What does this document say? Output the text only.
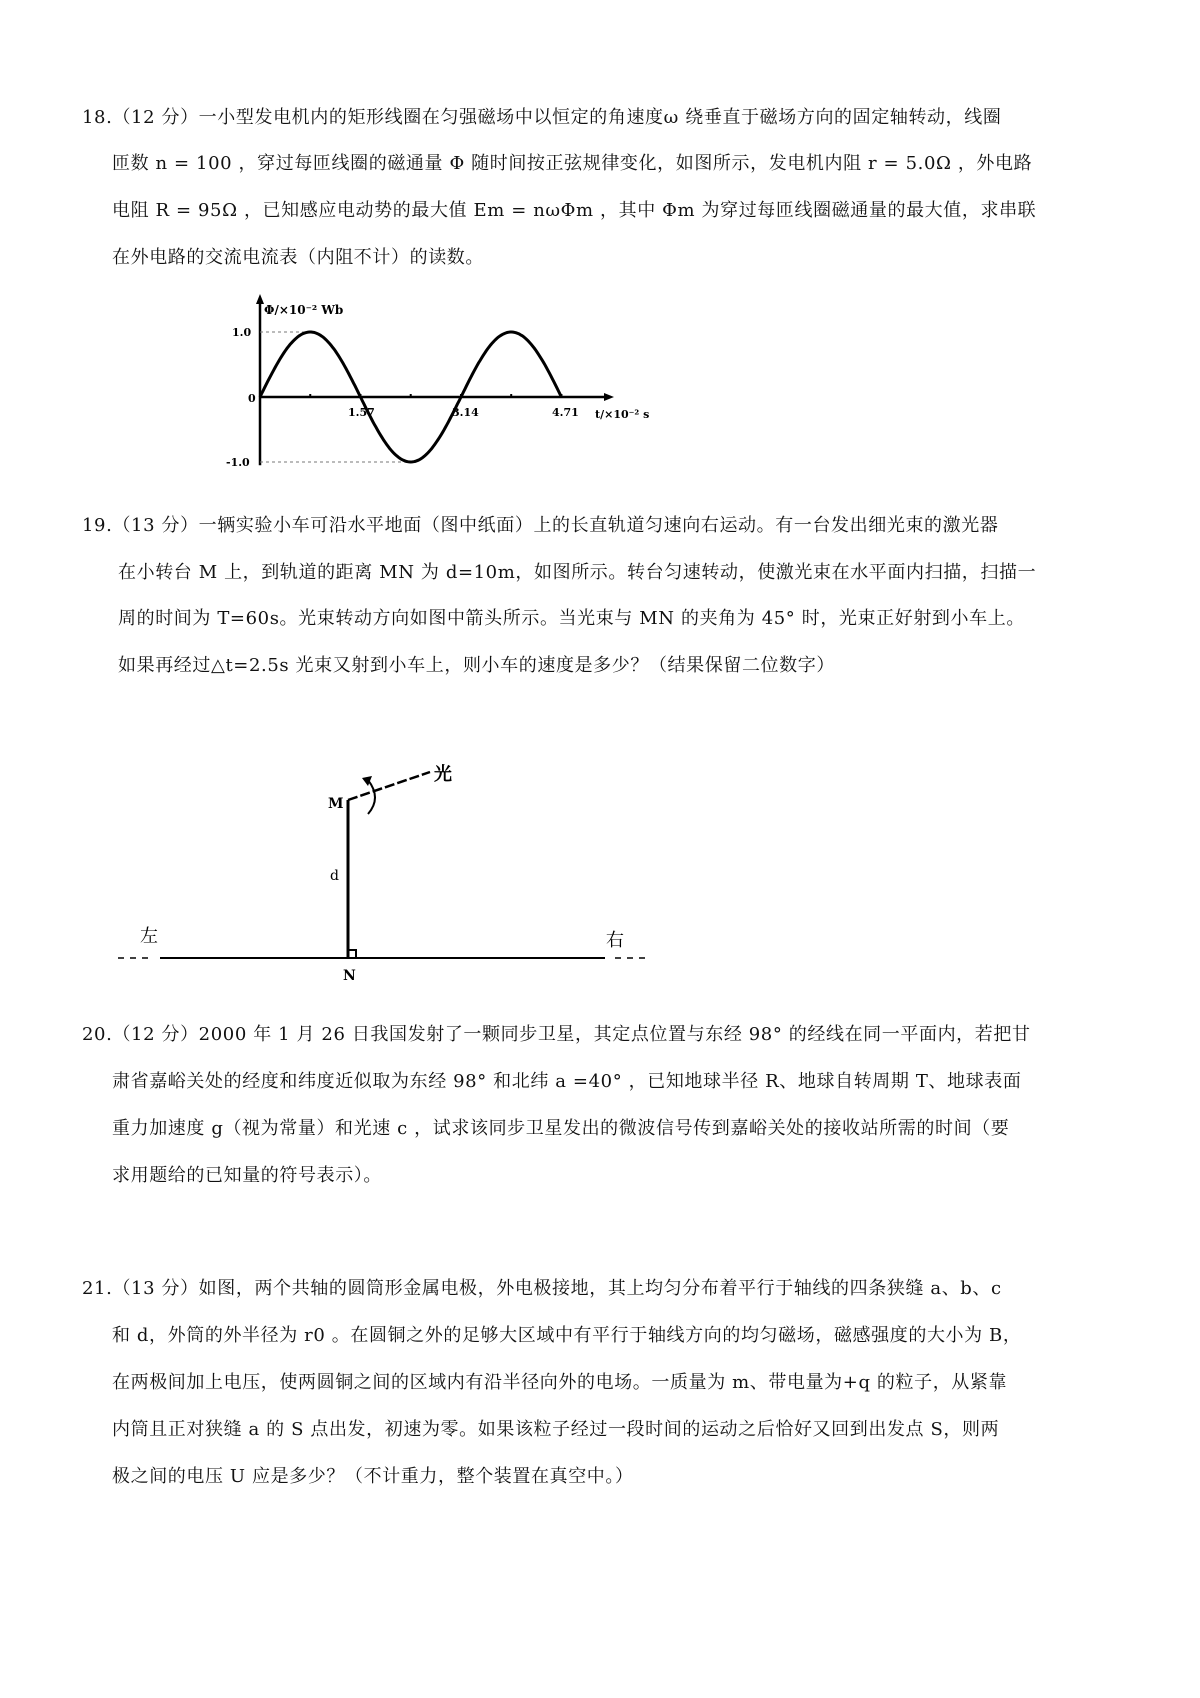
18.（12 分）一小型发电机内的矩形线圈在匀强磁场中以恒定的角速度ω 绕垂直于磁场方向的固定轴转动，线圈
匝数 n = 100 ，穿过每匝线圈的磁通量 Φ 随时间按正弦规律变化，如图所示，发电机内阻 r = 5.0Ω ，外电路
电阻 R = 95Ω ，已知感应电动势的最大值 Em = nωΦm ，其中 Φm 为穿过每匝线圈磁通量的最大值，求串联
在外电路的交流电流表（内阻不计）的读数。
Φ/×10⁻² Wb
t/×10⁻² s
1.0
0
-1.0
1.57	3.14	4.71
19.（13 分）一辆实验小车可沿水平地面（图中纸面）上的长直轨道匀速向右运动。有一台发出细光束的激光器
在小转台 M 上，到轨道的距离 MN 为 d=10m，如图所示。转台匀速转动，使激光束在水平面内扫描，扫描一
周的时间为 T=60s。光束转动方向如图中箭头所示。当光束与 MN 的夹角为 45° 时，光束正好射到小车上。
如果再经过△t=2.5s 光束又射到小车上，则小车的速度是多少？（结果保留二位数字）
M
N
d
光
左	右
20.（12 分）2000 年 1 月 26 日我国发射了一颗同步卫星，其定点位置与东经 98° 的经线在同一平面内，若把甘
肃省嘉峪关处的经度和纬度近似取为东经 98° 和北纬 a =40° ，已知地球半径 R、地球自转周期 T、地球表面
重力加速度 g（视为常量）和光速 c ，试求该同步卫星发出的微波信号传到嘉峪关处的接收站所需的时间（要
求用题给的已知量的符号表示）。
21.（13 分）如图，两个共轴的圆筒形金属电极，外电极接地，其上均匀分布着平行于轴线的四条狭缝 a、b、c
和 d，外筒的外半径为 r0 。在圆铜之外的足够大区域中有平行于轴线方向的均匀磁场，磁感强度的大小为 B，
在两极间加上电压，使两圆铜之间的区域内有沿半径向外的电场。一质量为 m、带电量为+q 的粒子，从紧靠
内筒且正对狭缝 a 的 S 点出发，初速为零。如果该粒子经过一段时间的运动之后恰好又回到出发点 S，则两
极之间的电压 U 应是多少？（不计重力，整个装置在真空中。）
